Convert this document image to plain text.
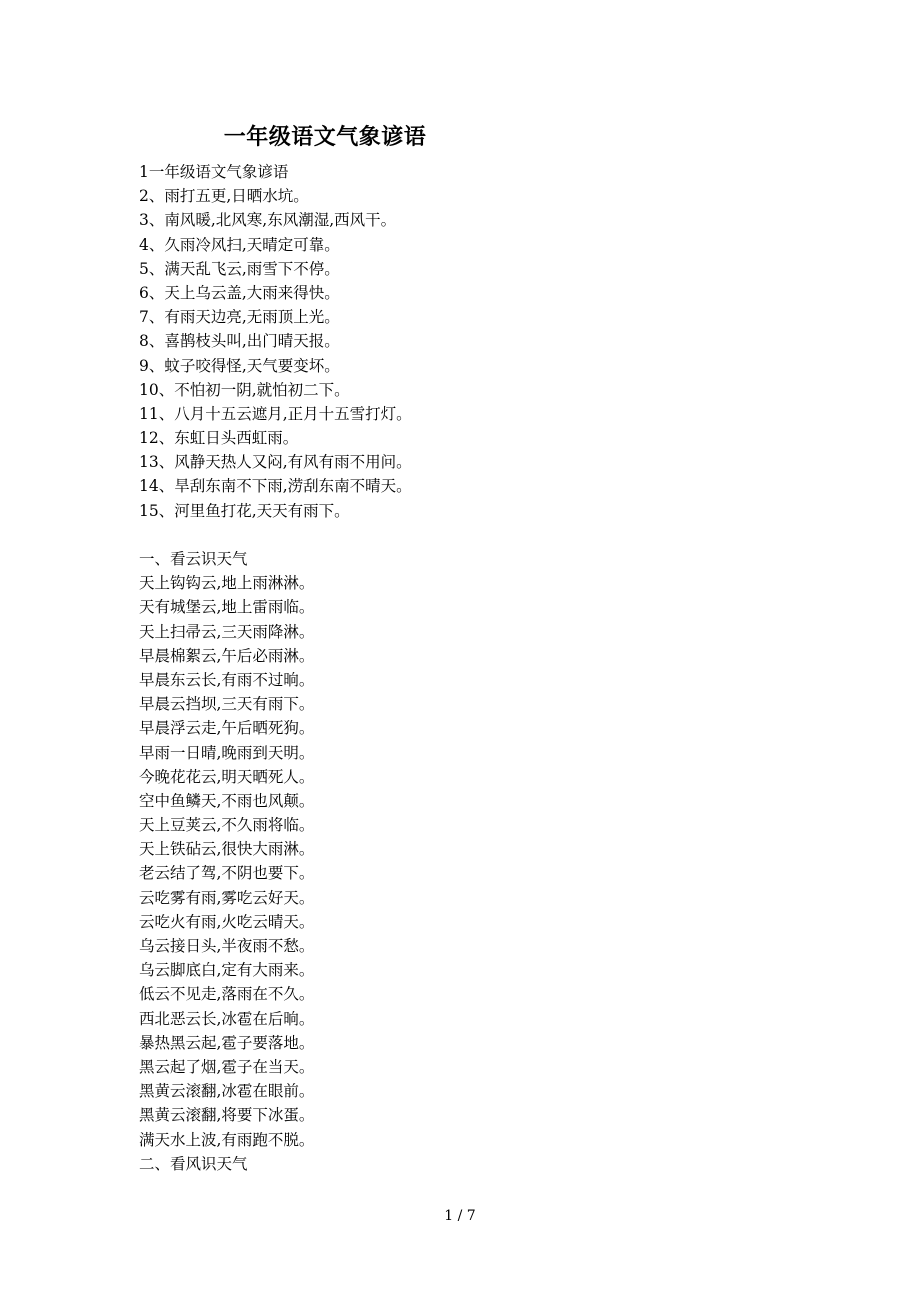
一年级语文气象谚语

1一年级语文气象谚语

2、雨打五更,日晒水坑。

3、南风暖,北风寒,东风潮湿,西风干。

4、久雨冷风扫,天晴定可靠。

5、满天乱飞云,雨雪下不停。

6、天上乌云盖,大雨来得快。

7、有雨天边亮,无雨顶上光。

8、喜鹊枝头叫,出门晴天报。

9、蚊子咬得怪,天气要变坏。

10、不怕初一阴,就怕初二下。

11、八月十五云遮月,正月十五雪打灯。

12、东虹日头西虹雨。

13、风静天热人又闷,有风有雨不用问。

14、旱刮东南不下雨,涝刮东南不晴天。

15、河里鱼打花,天天有雨下。

一、看云识天气

天上钩钩云,地上雨淋淋。

天有城堡云,地上雷雨临。

天上扫帚云,三天雨降淋。

早晨棉絮云,午后必雨淋。

早晨东云长,有雨不过晌。

早晨云挡坝,三天有雨下。

早晨浮云走,午后晒死狗。

早雨一日晴,晚雨到天明。

今晚花花云,明天晒死人。

空中鱼鳞天,不雨也风颠。

天上豆荚云,不久雨将临。

天上铁砧云,很快大雨淋。

老云结了驾,不阴也要下。

云吃雾有雨,雾吃云好天。

云吃火有雨,火吃云晴天。

乌云接日头,半夜雨不愁。

乌云脚底白,定有大雨来。

低云不见走,落雨在不久。

西北恶云长,冰雹在后晌。

暴热黑云起,雹子要落地。

黑云起了烟,雹子在当天。

黑黄云滚翻,冰雹在眼前。

黑黄云滚翻,将要下冰蛋。

满天水上波,有雨跑不脱。

二、看风识天气

1 / 7
